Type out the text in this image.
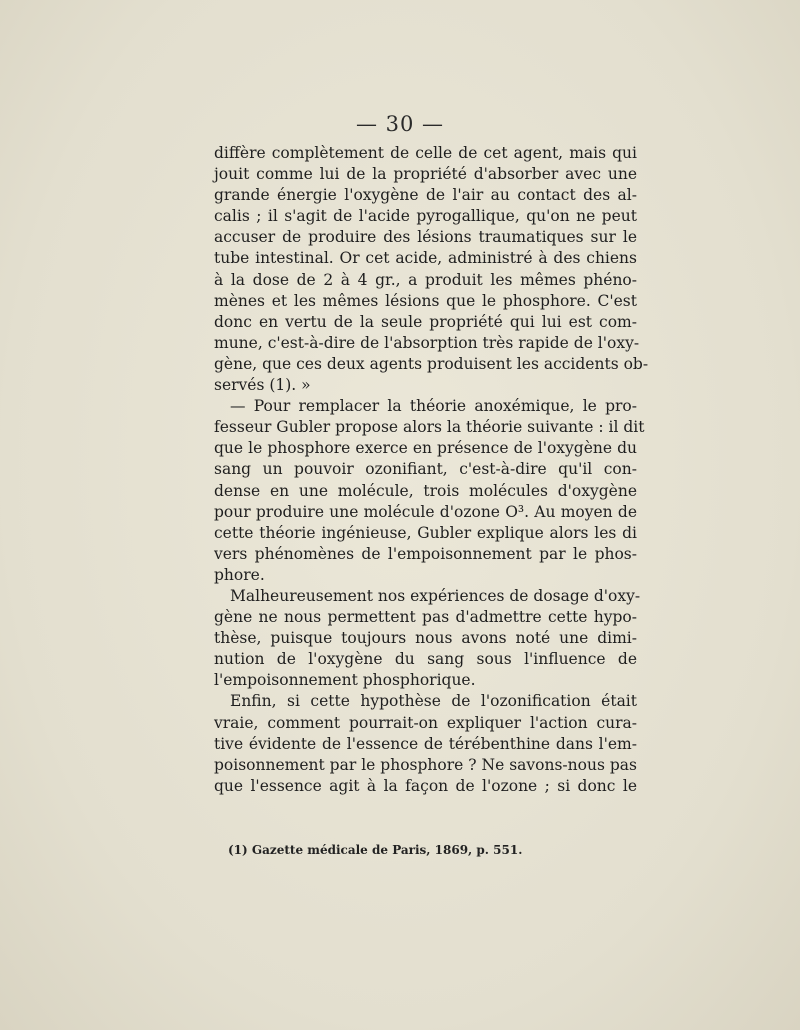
— 30 —
diffère complètement de celle de cet agent, mais qui
jouit comme lui de la propriété d'absorber avec une
grande énergie l'oxygène de l'air au contact des al-
calis ; il s'agit de l'acide pyrogallique, qu'on ne peut
accuser de produire des lésions traumatiques sur le
tube intestinal. Or cet acide, administré à des chiens
à la dose de 2 à 4 gr., a produit les mêmes phéno-
mènes et les mêmes lésions que le phosphore. C'est
donc en vertu de la seule propriété qui lui est com-
mune, c'est-à-dire de l'absorption très rapide de l'oxy-
gène, que ces deux agents produisent les accidents ob-
servés (1). »
— Pour remplacer la théorie anoxémique, le pro-
fesseur Gubler propose alors la théorie suivante : il dit
que le phosphore exerce en présence de l'oxygène du
sang un pouvoir ozonifiant, c'est-à-dire qu'il con-
dense en une molécule, trois molécules d'oxygène
pour produire une molécule d'ozone O³. Au moyen de
cette théorie ingénieuse, Gubler explique alors les di
vers phénomènes de l'empoisonnement par le phos-
phore.
Malheureusement nos expériences de dosage d'oxy-
gène ne nous permettent pas d'admettre cette hypo-
thèse, puisque toujours nous avons noté une dimi-
nution de l'oxygène du sang sous l'influence de
l'empoisonnement phosphorique.
Enfin, si cette hypothèse de l'ozonification était
vraie, comment pourrait-on expliquer l'action cura-
tive évidente de l'essence de térébenthine dans l'em-
poisonnement par le phosphore ? Ne savons-nous pas
que l'essence agit à la façon de l'ozone ; si donc le
(1) Gazette médicale de Paris, 1869, p. 551.
